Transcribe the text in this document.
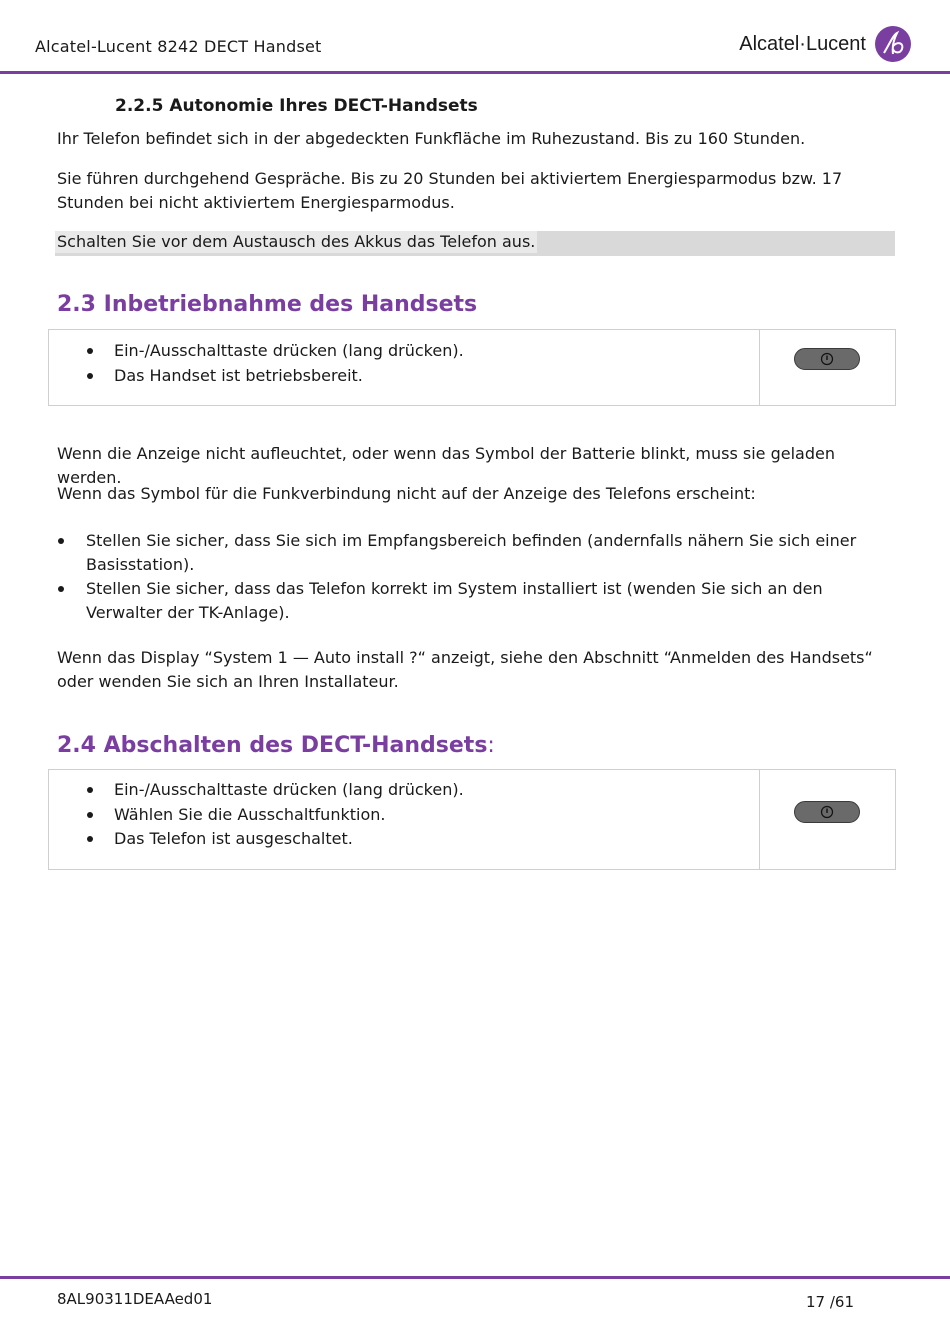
Alcatel-Lucent 8242 DECT Handset	Alcatel·Lucent
2.2.5 Autonomie Ihres DECT-Handsets
Ihr Telefon befindet sich in der abgedeckten Funkfläche im Ruhezustand. Bis zu 160 Stunden.
Sie führen durchgehend Gespräche. Bis zu 20 Stunden bei aktiviertem Energiesparmodus bzw. 17 Stunden bei nicht aktiviertem Energiesparmodus.
Schalten Sie vor dem Austausch des Akkus das Telefon aus.
2.3 Inbetriebnahme des Handsets
Ein-/Ausschalttaste drücken (lang drücken).
Das Handset ist betriebsbereit.
Wenn die Anzeige nicht aufleuchtet, oder wenn das Symbol der Batterie blinkt, muss sie geladen werden.
Wenn das Symbol für die Funkverbindung nicht auf der Anzeige des Telefons erscheint:
Stellen Sie sicher, dass Sie sich im Empfangsbereich befinden (andernfalls nähern Sie sich einer Basisstation).
Stellen Sie sicher, dass das Telefon korrekt im System installiert ist (wenden Sie sich an den Verwalter der TK-Anlage).
Wenn das Display “System 1 — Auto install ?“ anzeigt, siehe den Abschnitt “Anmelden des Handsets“ oder wenden Sie sich an Ihren Installateur.
2.4 Abschalten des DECT-Handsets:
Ein-/Ausschalttaste drücken (lang drücken).
Wählen Sie die Ausschaltfunktion.
Das Telefon ist ausgeschaltet.
8AL90311DEAAed01	17 /61
